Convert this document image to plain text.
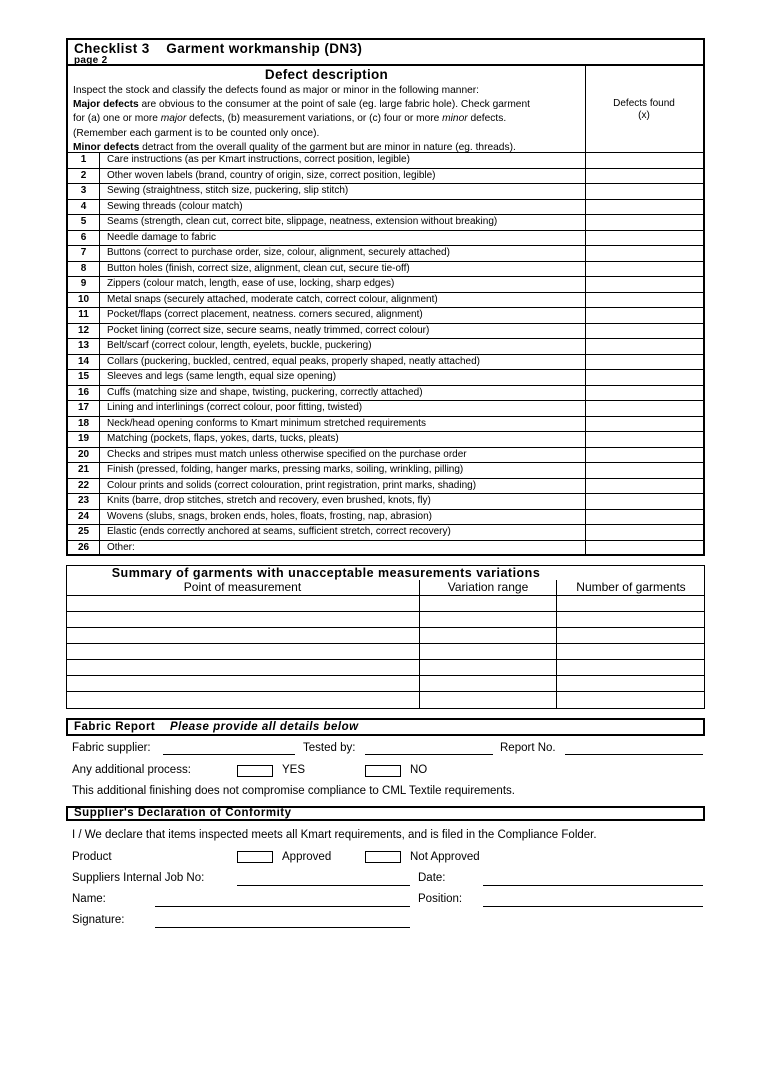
Checklist 3 Garment workmanship (DN3)
page 2
Defect description
Inspect the stock and classify the defects found as major or minor in the following manner:
Major defects are obvious to the consumer at the point of sale (eg. large fabric hole). Check garment
for (a) one or more major defects, (b) measurement variations, or (c) four or more minor defects.
(Remember each garment is to be counted only once).
Minor defects detract from the overall quality of the garment but are minor in nature (eg. threads).
Defects found
(x)
1	Care instructions (as per Kmart instructions, correct position, legible)
2	Other woven labels (brand, country of origin, size, correct position, legible)
3	Sewing (straightness, stitch size, puckering, slip stitch)
4	Sewing threads (colour match)
5	Seams (strength, clean cut, correct bite, slippage, neatness, extension without breaking)
6	Needle damage to fabric
7	Buttons (correct to purchase order, size, colour, alignment, securely attached)
8	Button holes (finish, correct size, alignment, clean cut, secure tie-off)
9	Zippers (colour match, length, ease of use, locking, sharp edges)
10	Metal snaps (securely attached, moderate catch, correct colour, alignment)
11	Pocket/flaps (correct placement, neatness. corners secured, alignment)
12	Pocket lining (correct size, secure seams, neatly trimmed, correct colour)
13	Belt/scarf (correct colour, length, eyelets, buckle, puckering)
14	Collars (puckering, buckled, centred, equal peaks, properly shaped, neatly attached)
15	Sleeves and legs (same length, equal size opening)
16	Cuffs (matching size and shape, twisting, puckering, correctly attached)
17	Lining and interlinings (correct colour, poor fitting, twisted)
18	Neck/head opening conforms to Kmart minimum stretched requirements
19	Matching (pockets, flaps, yokes, darts, tucks, pleats)
20	Checks and stripes must match unless otherwise specified on the purchase order
21	Finish (pressed, folding, hanger marks, pressing marks, soiling, wrinkling, pilling)
22	Colour prints and solids (correct colouration, print registration, print marks, shading)
23	Knits (barre, drop stitches, stretch and recovery, even brushed, knots, fly)
24	Wovens (slubs, snags, broken ends, holes, floats, frosting, nap, abrasion)
25	Elastic (ends correctly anchored at seams, sufficient stretch, correct recovery)
26	Other:
Summary of garments with unacceptable measurements variations
Point of measurement	Variation range	Number of garments
Fabric Report Please provide all details below
Fabric supplier:	Tested by:	Report No.
Any additional process:	YES	NO
This additional finishing does not compromise compliance to CML Textile requirements.
Supplier's Declaration of Conformity
I / We declare that items inspected meets all Kmart requirements, and is filed in the Compliance Folder.
Product	Approved	Not Approved
Suppliers Internal Job No:	Date:
Name:	Position:
Signature:
